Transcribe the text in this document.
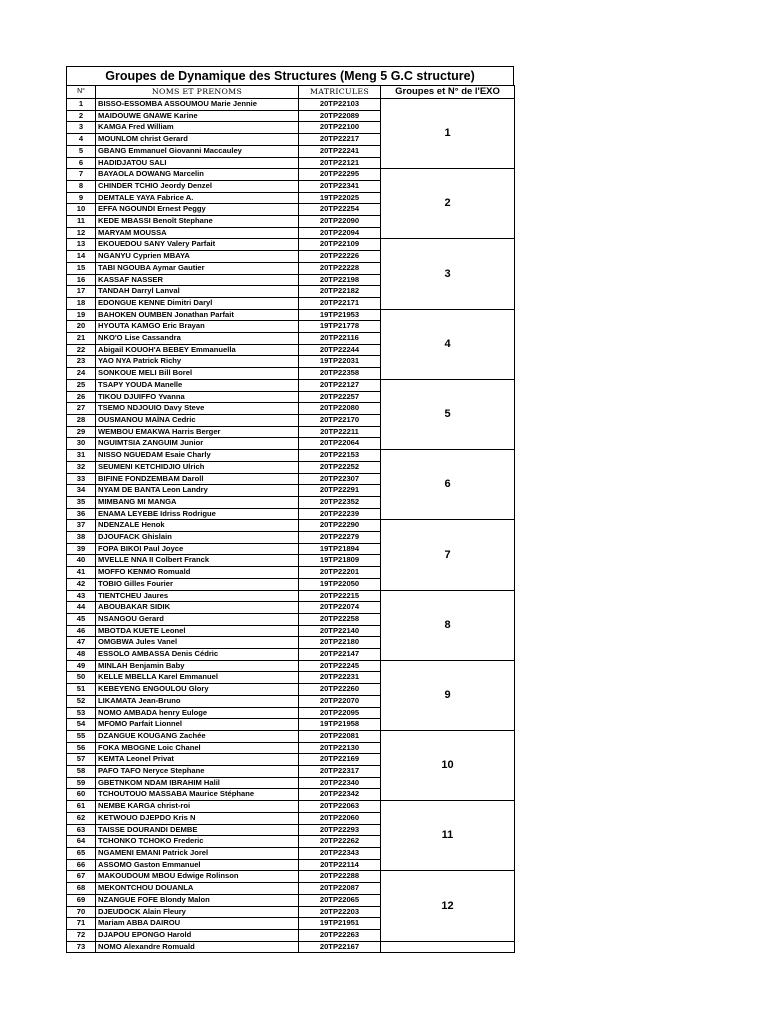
Groupes de Dynamique des Structures (Meng 5 G.C structure)
N°	NOMS ET PRENOMS	MATRICULES	Groupes et N° de l'EXO
1	BISSO-ESSOMBA ASSOUMOU Marie Jennie	20TP22103	1
2	MAIDOUWE GNAWE Karine	20TP22089	
3	KAMGA Fred William	20TP22100	
4	MOUNLOM christ Gerard	20TP22217	
5	GBANG Emmanuel Giovanni Maccauley	20TP22241	
6	HADIDJATOU SALI	20TP22121	
7	BAYAOLA DOWANG Marcelin	20TP22295	2
8	CHINDER TCHIO Jeordy Denzel	20TP22341	
9	DEMTALE YAYA Fabrice A.	19TP22025	
10	EFFA NGOUNDI Ernest Peggy	20TP22254	
11	KEDE MBASSI Benoît Stephane	20TP22090	
12	MARYAM MOUSSA	20TP22094	
13	EKOUEDOU SANY Valery Parfait	20TP22109	3
14	NGANYU Cyprien MBAYA	20TP22226	
15	TABI NGOUBA Aymar Gautier	20TP22228	
16	KASSAF NASSER	20TP22198	
17	TANDAH Darryl Lanval	20TP22182	
18	EDONGUE KENNE Dimitri Daryl	20TP22171	
19	BAHOKEN OUMBEN Jonathan Parfait	19TP21953	4
20	HYOUTA KAMGO Eric Brayan	19TP21778	
21	NKO'O Lise Cassandra	20TP22116	
22	Abigail KOUOH'A BEBEY Emmanuella	20TP22244	
23	YAO NYA Patrick Richy	19TP22031	
24	SONKOUE MELI Bill Borel	20TP22358	
25	TSAPY YOUDA Manelle	20TP22127	5
26	TIKOU DJUIFFO Yvanna	20TP22257	
27	TSEMO NDJOUIO Davy Steve	20TP22080	
28	OUSMANOU MAÏNA Cedric	20TP22170	
29	WEMBOU EMAKWA Harris Berger	20TP22211	
30	NGUIMTSIA ZANGUIM Junior	20TP22064	
31	NISSO NGUEDAM Esaie Charly	20TP22153	6
32	SEUMENI KETCHIDJIO Ulrich	20TP22252	
33	BIFINE FONDZEMBAM Daroll	20TP22307	
34	NYAM DE BANTA Leon Landry	20TP22291	
35	MIMBANG MI MANGA	20TP22352	
36	ENAMA LEYEBE Idriss Rodrigue	20TP22239	
37	NDENZALE Henok	20TP22290	7
38	DJOUFACK Ghislain	20TP22279	
39	FOPA BIKOI Paul Joyce	19TP21894	
40	MVELLE NNA II Colbert Franck	19TP21809	
41	MOFFO KENMO Romuald	20TP22201	
42	TOBIO Gilles Fourier	19TP22050	
43	TIENTCHEU Jaures	20TP22215	8
44	ABOUBAKAR SIDIK	20TP22074	
45	NSANGOU Gerard	20TP22258	
46	MBOTDA KUETE Leonel	20TP22140	
47	OMGBWA Jules Vanel	20TP22180	
48	ESSOLO AMBASSA Denis Cédric	20TP22147	
49	MINLAH Benjamin Baby	20TP22245	9
50	KELLE MBELLA Karel Emmanuel	20TP22231	
51	KEBEYENG ENGOULOU Glory	20TP22260	
52	LIKAMATA Jean-Bruno	20TP22070	
53	NOMO AMBADA henry Euloge	20TP22095	
54	MFOMO Parfait Lionnel	19TP21958	
55	DZANGUE KOUGANG Zachée	20TP22081	10
56	FOKA MBOGNE Loic Chanel	20TP22130	
57	KEMTA Leonel Privat	20TP22169	
58	PAFO TAFO Neryce Stephane	20TP22317	
59	GBETNKOM NDAM IBRAHIM Halil	20TP22340	
60	TCHOUTOUO MASSABA Maurice Stéphane	20TP22342	
61	NEMBE KARGA christ-roi	20TP22063	11
62	KETWOUO DJEPDO Kris N	20TP22060	
63	TAISSE DOURANDI DEMBE	20TP22293	
64	TCHONKO TCHOKO Frederic	20TP22262	
65	NGAMENI EMANI Patrick Jorel	20TP22343	
66	ASSOMO Gaston Emmanuel	20TP22114	
67	MAKOUDOUM MBOU Edwige Rolinson	20TP22288	12
68	MEKONTCHOU DOUANLA	20TP22087	
69	NZANGUE FOFE Blondy Malon	20TP22065	
70	DJEUDOCK Alain Fleury	20TP22203	
71	Mariam ABBA DAIROU	19TP21951	
72	DJAPOU EPONGO Harold	20TP22263	
73	NOMO Alexandre Romuald	20TP22167	
